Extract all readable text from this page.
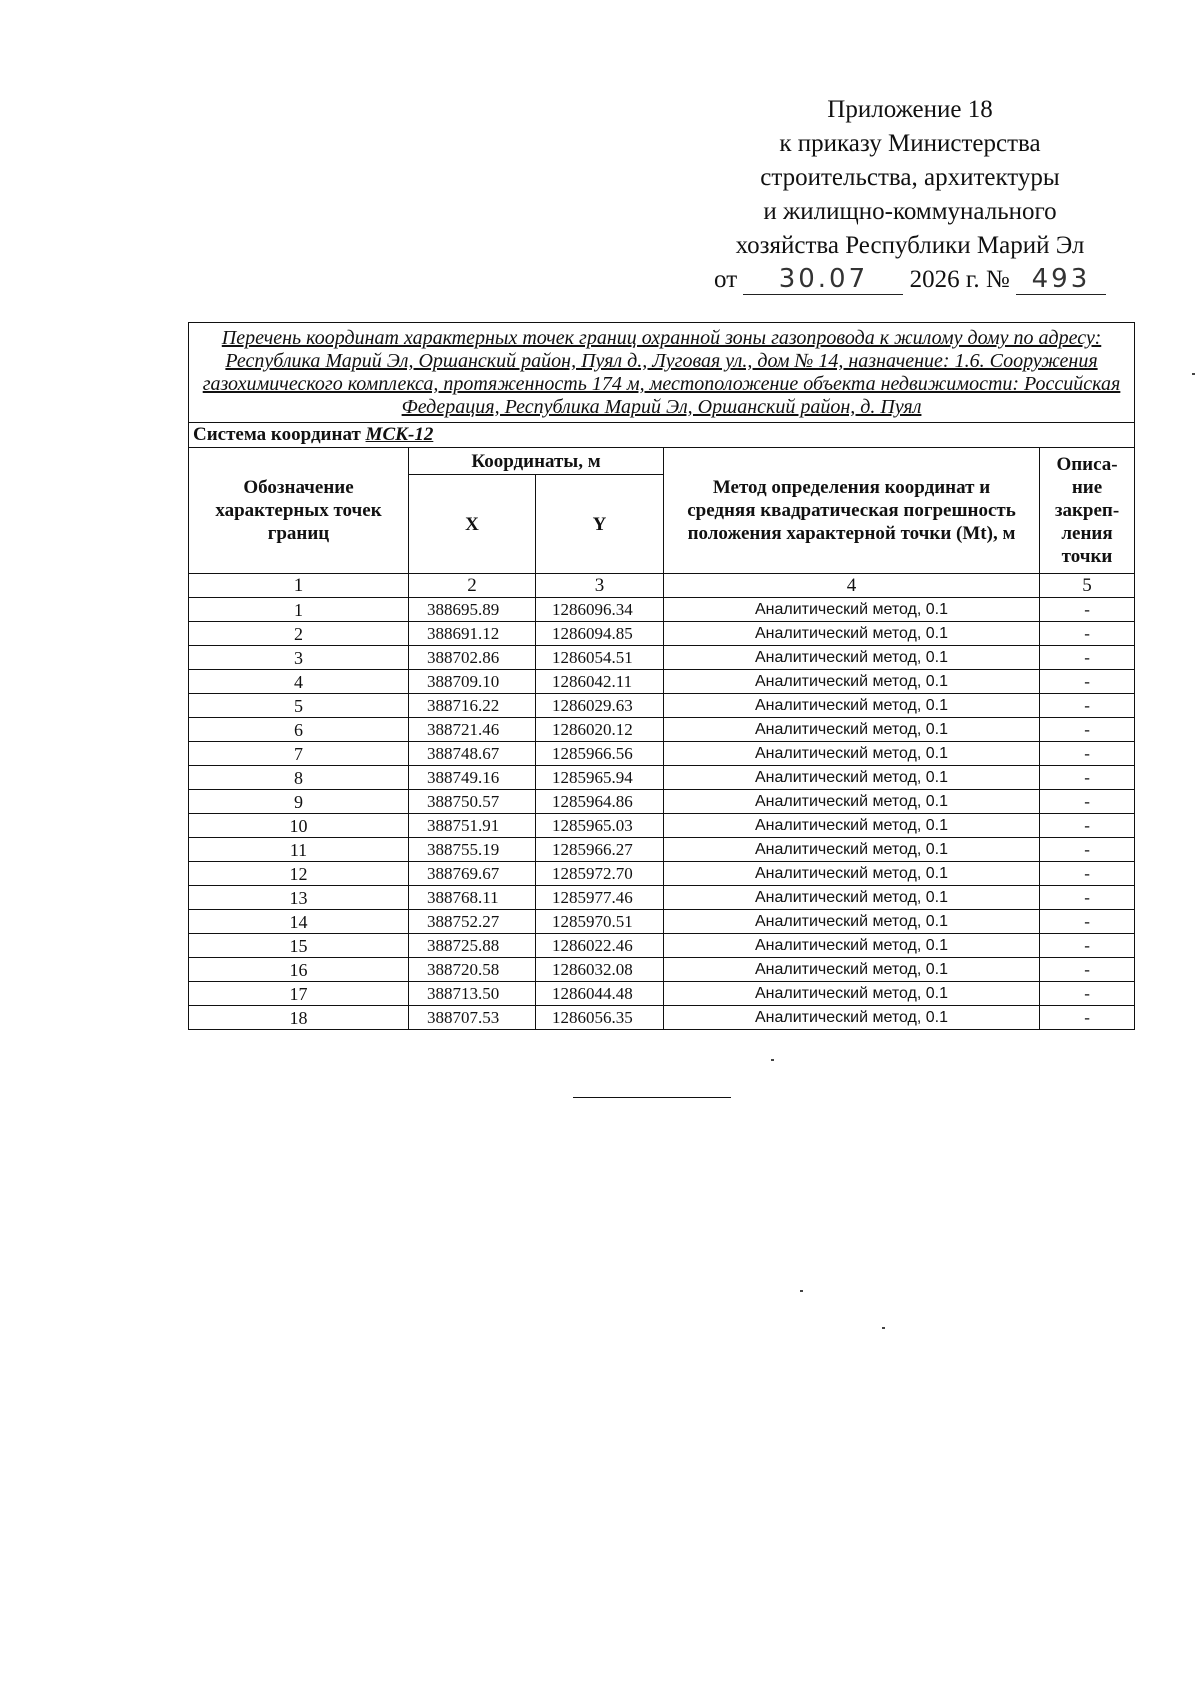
Приложение 18
к приказу Министерства
строительства, архитектуры
и жилищно-коммунального
хозяйства Республики Марий Эл
от 30.07 2026 г. № 493
Перечень координат характерных точек границ охранной зоны газопровода к жилому дому по адресу: Республика Марий Эл, Оршанский район, Пуял д., Луговая ул., дом № 14, назначение: 1.6. Сооружения газохимического комплекса, протяженность 174 м, местоположение объекта недвижимости: Российская Федерация, Республика Марий Эл, Оршанский район, д. Пуял				
Система координат МСК-12				
Обозначение характерных точек границ	Координаты, м		Метод определения координат и средняя квадратическая погрешность положения характерной точки (Mt), м	Описа-ние закреп-ления точки
	X	Y		
1	2	3	4	5
1	388695.89	1286096.34	Аналитический метод, 0.1	-
2	388691.12	1286094.85	Аналитический метод, 0.1	-
3	388702.86	1286054.51	Аналитический метод, 0.1	-
4	388709.10	1286042.11	Аналитический метод, 0.1	-
5	388716.22	1286029.63	Аналитический метод, 0.1	-
6	388721.46	1286020.12	Аналитический метод, 0.1	-
7	388748.67	1285966.56	Аналитический метод, 0.1	-
8	388749.16	1285965.94	Аналитический метод, 0.1	-
9	388750.57	1285964.86	Аналитический метод, 0.1	-
10	388751.91	1285965.03	Аналитический метод, 0.1	-
11	388755.19	1285966.27	Аналитический метод, 0.1	-
12	388769.67	1285972.70	Аналитический метод, 0.1	-
13	388768.11	1285977.46	Аналитический метод, 0.1	-
14	388752.27	1285970.51	Аналитический метод, 0.1	-
15	388725.88	1286022.46	Аналитический метод, 0.1	-
16	388720.58	1286032.08	Аналитический метод, 0.1	-
17	388713.50	1286044.48	Аналитический метод, 0.1	-
18	388707.53	1286056.35	Аналитический метод, 0.1	-
